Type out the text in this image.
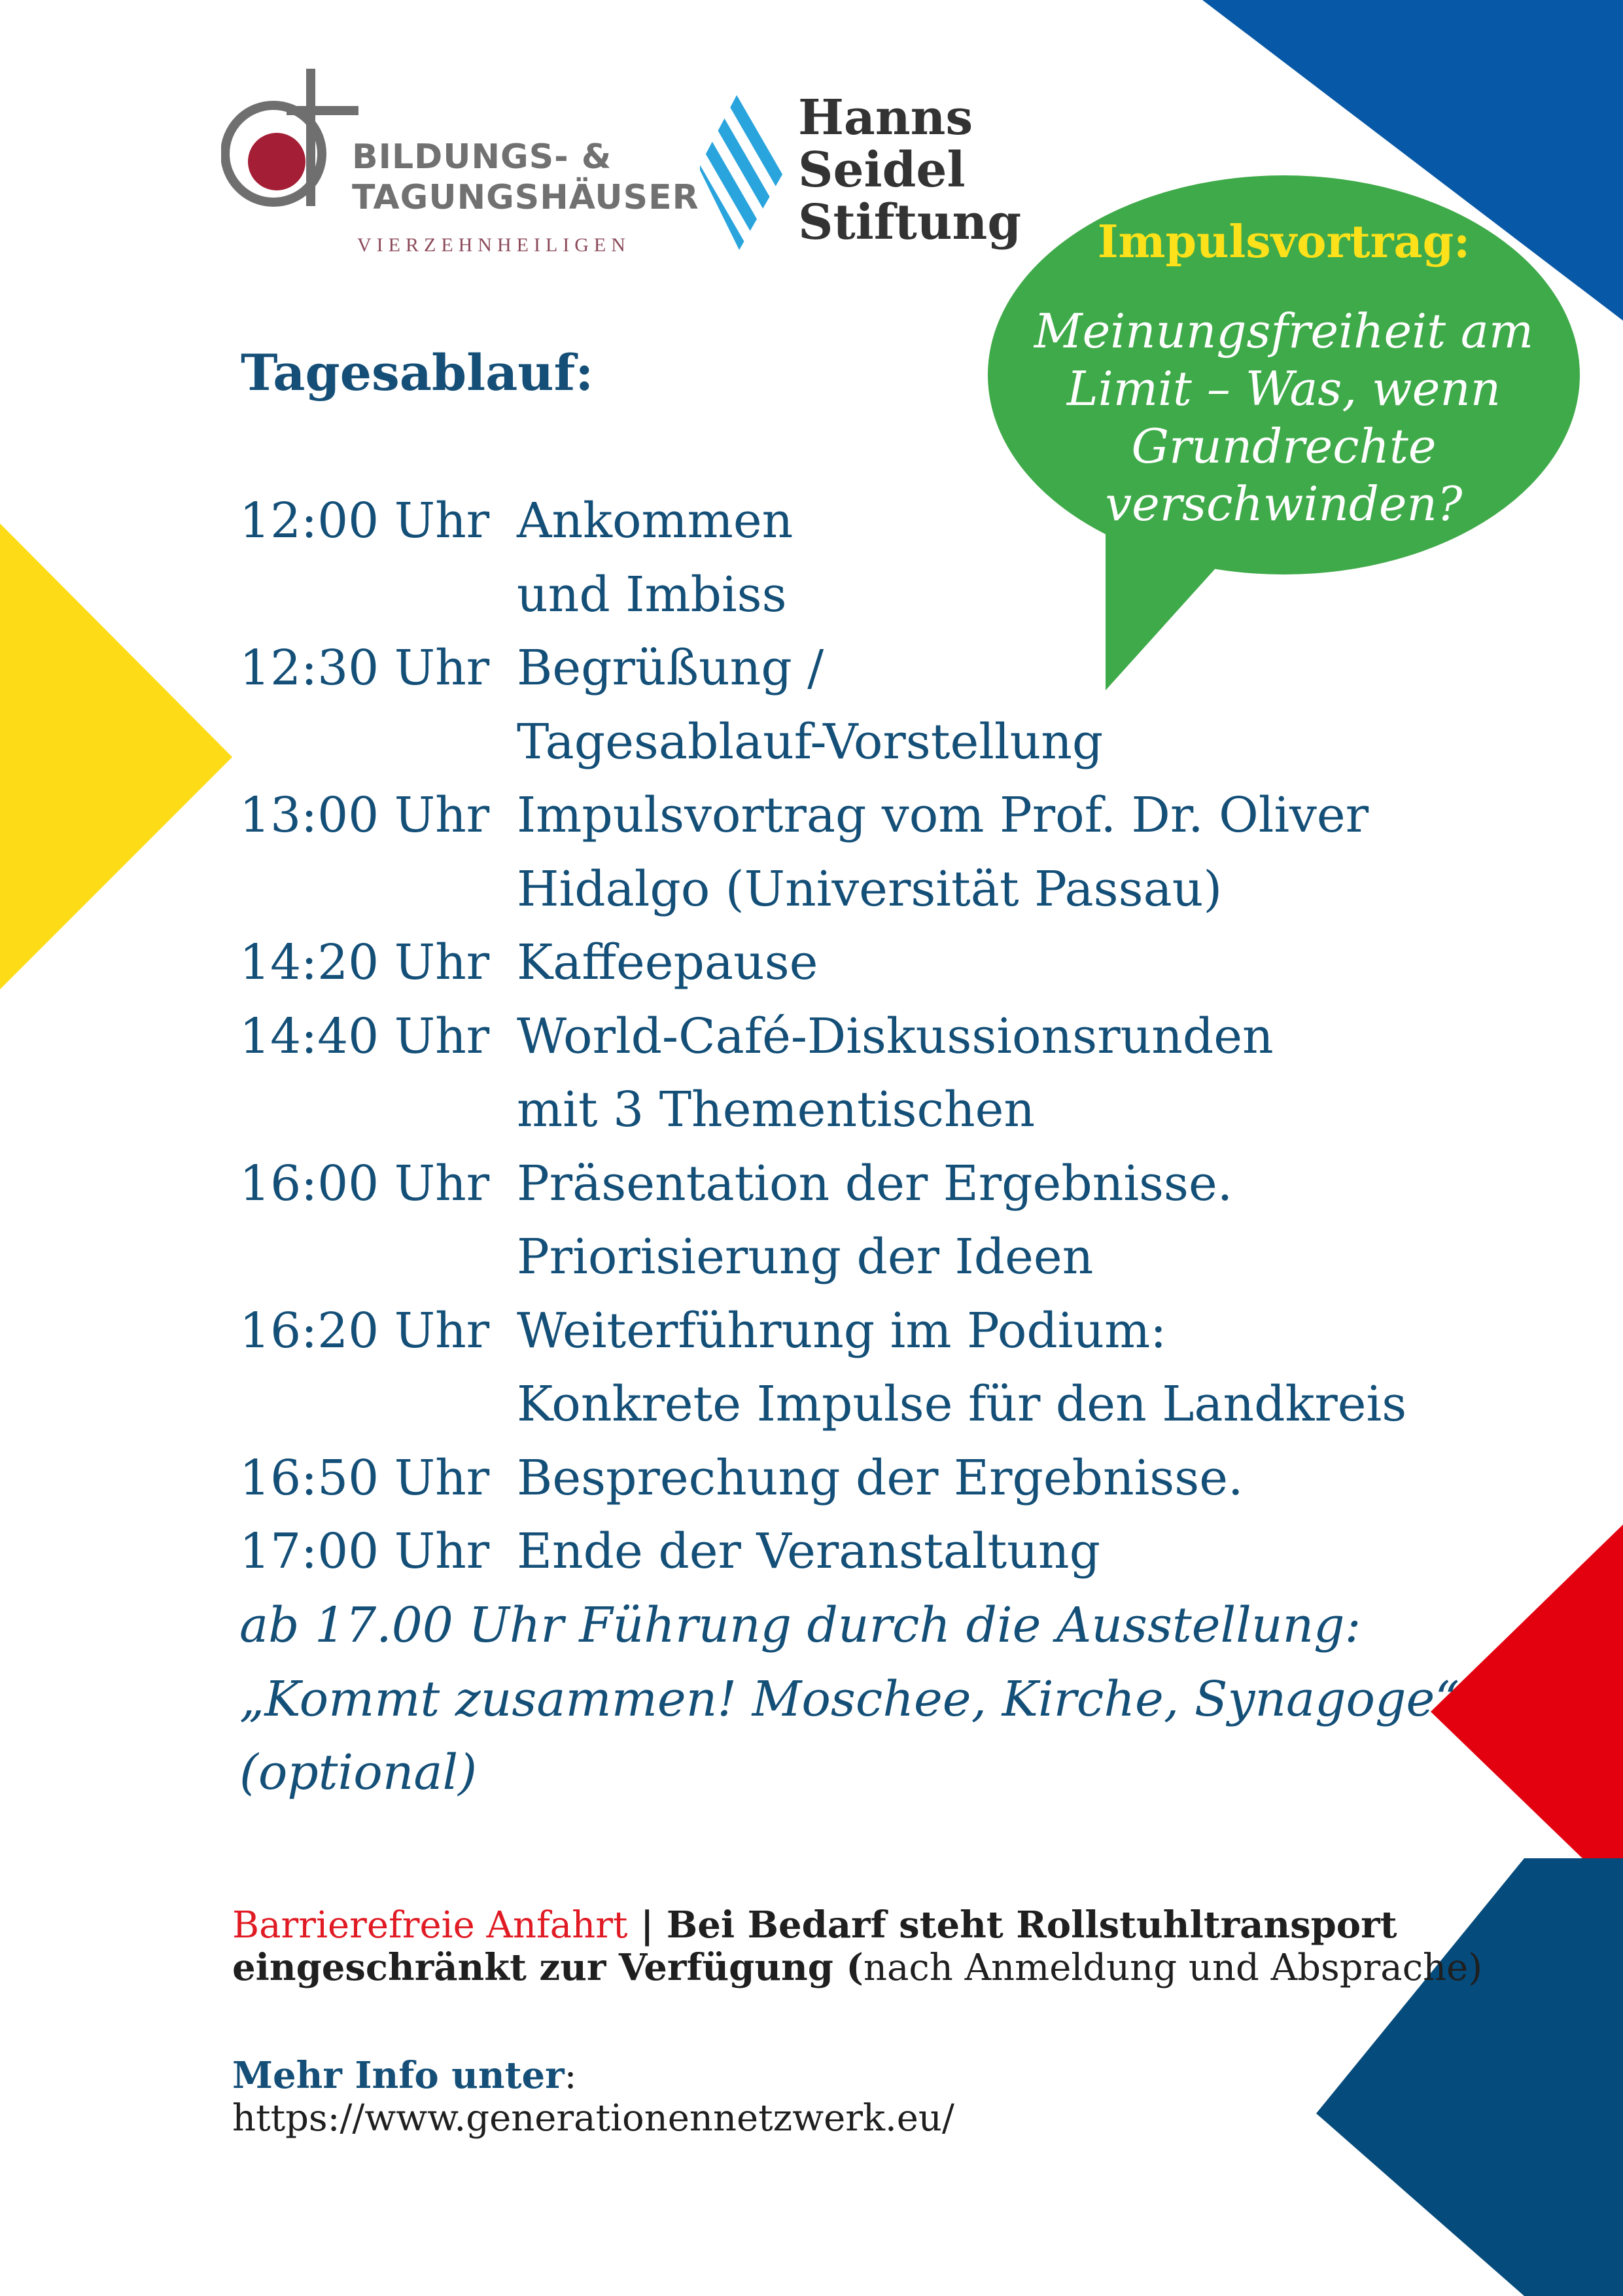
BILDUNGS- &
TAGUNGSHÄUSER
VIERZEHNHEILIGEN
Hanns
Seidel
Stiftung	Impulsvortrag:
Meinungsfreiheit am
Limit – Was, wenn
Grundrechte
verschwinden?
Tagesablauf:
12:00 Uhr Ankommen
und Imbiss
12:30 Uhr Begrüßung /
Tagesablauf-Vorstellung
13:00 Uhr Impulsvortrag vom Prof. Dr. Oliver
Hidalgo (Universität Passau)
14:20 Uhr Kaffeepause
14:40 Uhr World-Café-Diskussionsrunden
mit 3 Thementischen
16:00 Uhr Präsentation der Ergebnisse.
Priorisierung der Ideen
16:20 Uhr Weiterführung im Podium:
Konkrete Impulse für den Landkreis
16:50 Uhr Besprechung der Ergebnisse.
17:00 Uhr Ende der Veranstaltung
ab 17.00 Uhr Führung durch die Ausstellung:
„Kommt zusammen! Moschee, Kirche, Synagoge“
(optional)
Barrierefreie Anfahrt | Bei Bedarf steht Rollstuhltransport
eingeschränkt zur Verfügung (nach Anmeldung und Absprache)
Mehr Info unter:
https://www.generationennetzwerk.eu/
